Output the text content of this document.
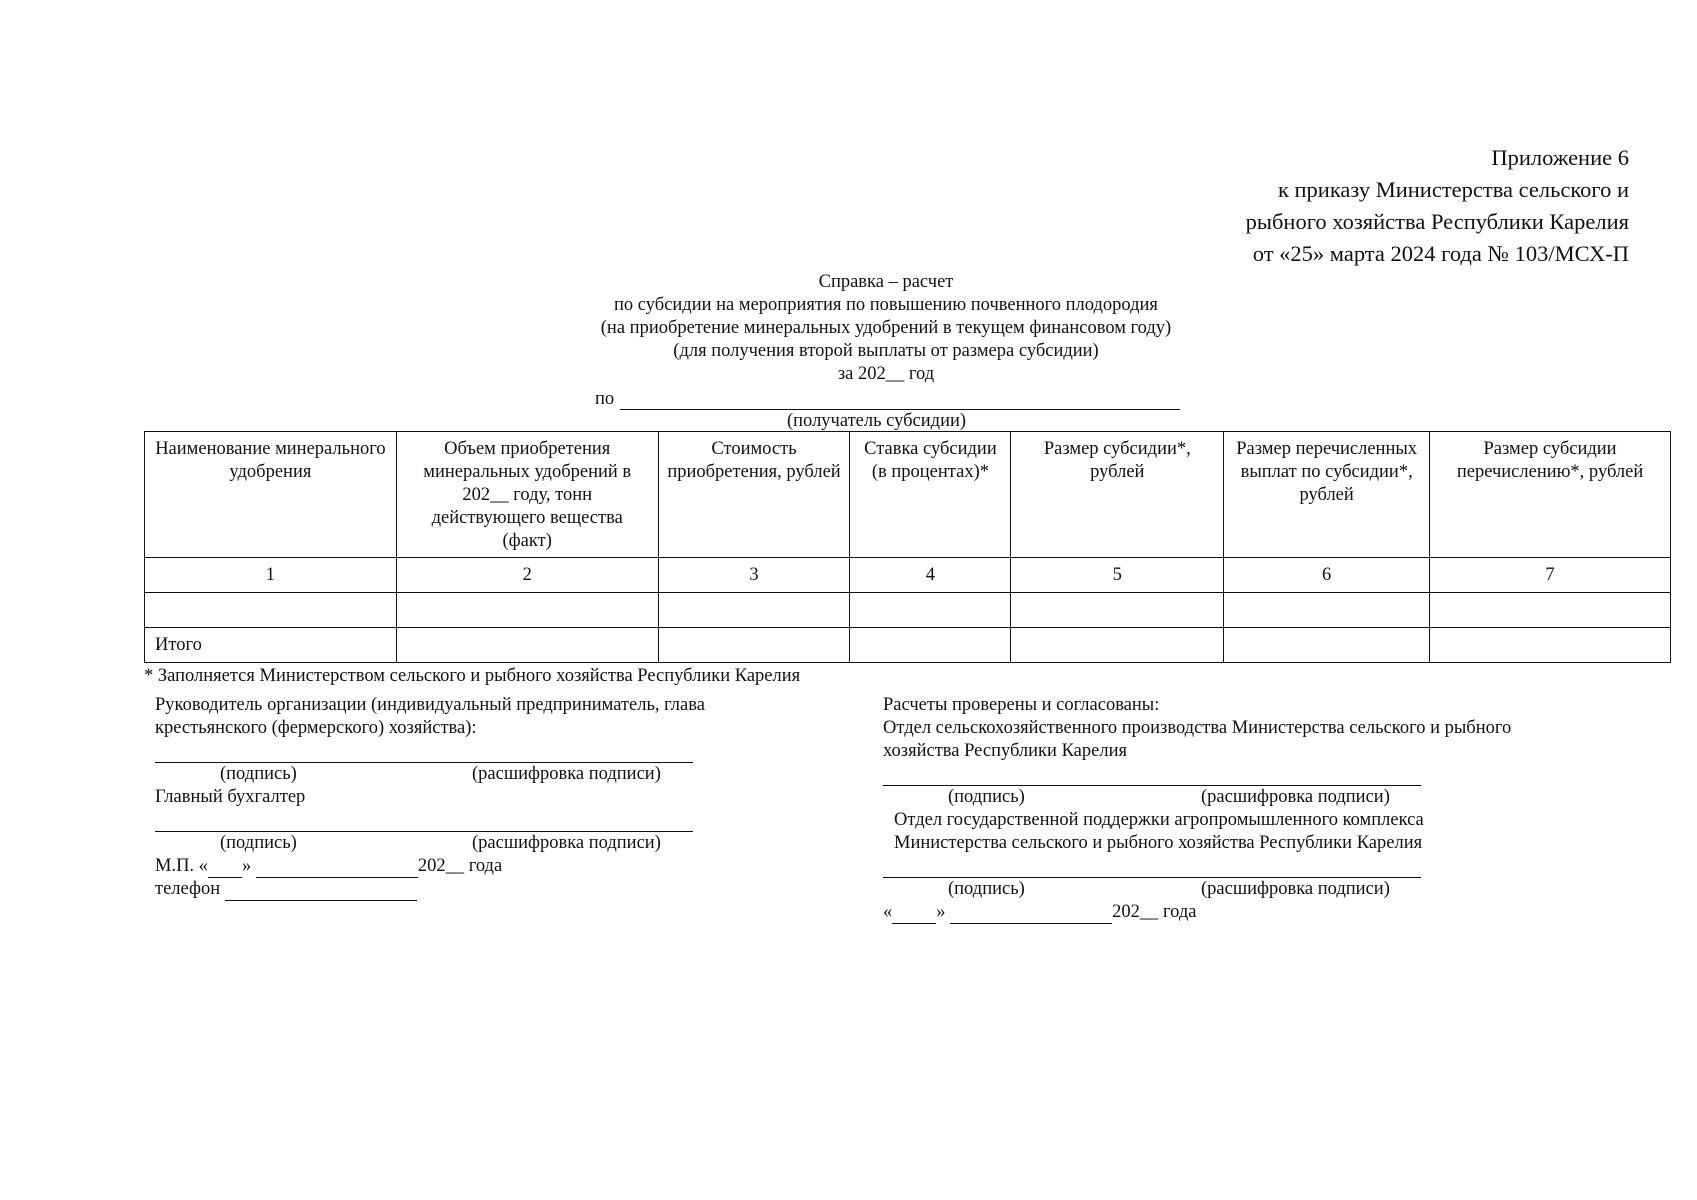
Приложение 6
к приказу Министерства сельского и
рыбного хозяйства Республики Карелия
от «25» марта 2024 года № 103/МСХ-П
Справка – расчет
по субсидии на мероприятия по повышению почвенного плодородия
(на приобретение минеральных удобрений в текущем финансовом году)
(для получения второй выплаты от размера субсидии)
за 202__ год
по
(получатель субсидии)
Наименование минерального удобрения	Объем приобретения минеральных удобрений в 202__ году, тонн действующего вещества (факт)	Стоимость приобретения, рублей	Ставка субсидии (в процентах)*	Размер субсидии*, рублей	Размер перечисленных выплат по субсидии*, рублей	Размер субсидии перечислению*, рублей
1	2	3	4	5	6	7

Итого						
* Заполняется Министерством сельского и рыбного хозяйства Республики Карелия
Руководитель организации (индивидуальный предприниматель, глава
крестьянского (фермерского) хозяйства):
(подпись)	(расшифровка подписи)
Главный бухгалтер
(подпись)	(расшифровка подписи)
М.П. « »	202__ года
телефон
Расчеты проверены и согласованы:
Отдел сельскохозяйственного производства Министерства сельского и рыбного
хозяйства Республики Карелия
(подпись)	(расшифровка подписи)
Отдел государственной поддержки агропромышленного комплекса
Министерства сельского и рыбного хозяйства Республики Карелия
(подпись)	(расшифровка подписи)
« »	202__ года
